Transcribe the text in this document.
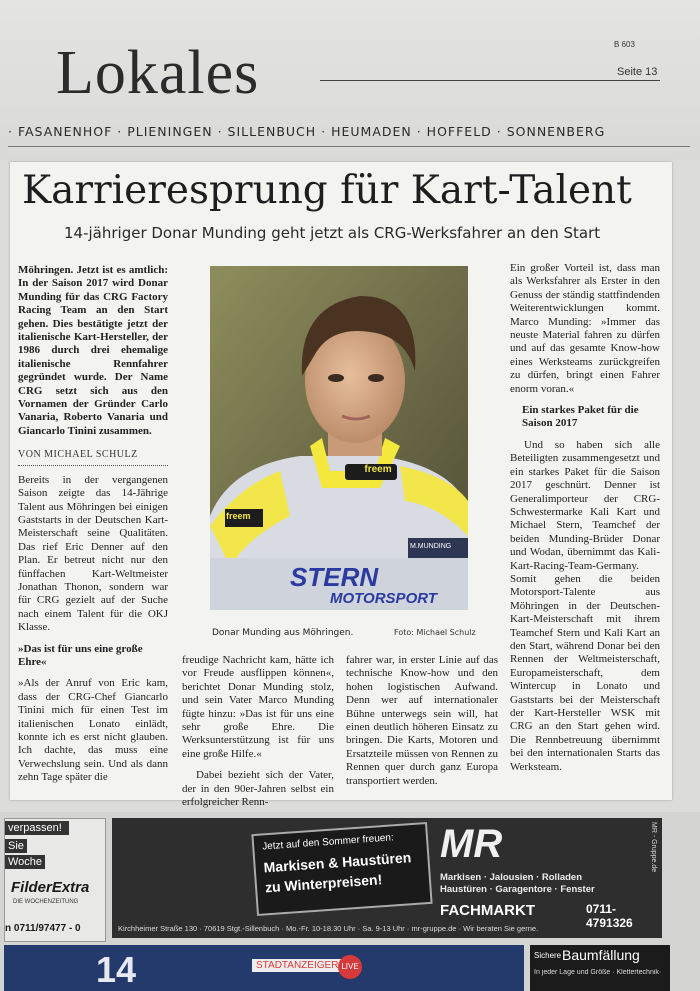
Lokales	B 603
Seite 13
· FASANENHOF · PLIENINGEN · SILLENBUCH · HEUMADEN · HOFFELD · SONNENBERG
Karrieresprung für Kart-Talent
14-jähriger Donar Munding geht jetzt als CRG-Werksfahrer an den Start

Möhringen. Jetzt ist es amtlich: In der Saison 2017 wird Donar Munding für das CRG Factory Racing Team an den Start gehen. Dies bestätigte jetzt der italienische Kart-Hersteller, der 1986 durch drei ehemalige italienische Rennfahrer gegründet wurde. Der Name CRG setzt sich aus den Vornamen der Gründer Carlo Vanaria, Roberto Vanaria und Giancarlo Tinini zusammen.

VON MICHAEL SCHULZ

Bereits in der vergangenen Saison zeigte das 14-Jährige Talent aus Möhringen bei einigen Gaststarts in der Deutschen Kart-Meisterschaft seine Qualitäten. Das rief Eric Denner auf den Plan. Er betreut nicht nur den fünffachen Kart-Weltmeister Jonathan Thonon, sondern war für CRG gezielt auf der Suche nach einem Talent für die OKJ Klasse.

»Das ist für uns eine große Ehre«

»Als der Anruf von Eric kam, dass der CRG-Chef Giancarlo Tinini mich für einen Test im italienischen Lonato einlädt, konnte ich es erst nicht glauben. Ich dachte, das muss eine Verwechslung sein. Und als dann zehn Tage später die

freem
freem
M.MUNDING
STERN
MOTORSPORT
Donar Munding aus Möhringen.	Foto: Michael Schulz

freudige Nachricht kam, hätte ich vor Freude ausflippen können«, berichtet Donar Munding stolz, und sein Vater Marco Munding fügte hinzu: »Das ist für uns eine sehr große Ehre. Die Werksunterstützung ist für uns eine große Hilfe.«

Dabei bezieht sich der Vater, der in den 90er-Jahren selbst ein erfolgreicher Renn-

fahrer war, in erster Linie auf das technische Know-how und den hohen logistischen Aufwand. Denn wer auf internationaler Bühne unterwegs sein will, hat einen deutlich höheren Einsatz zu bringen. Die Karts, Motoren und Ersatzteile müssen von Rennen zu Rennen quer durch ganz Europa transportiert werden.

Ein großer Vorteil ist, dass man als Werksfahrer als Erster in den Genuss der ständig stattfindenden Weiterentwicklungen kommt. Marco Munding: »Immer das neuste Material fahren zu dürfen und auf das gesamte Know-how eines Werksteams zurückgreifen zu dürfen, bringt einen Fahrer enorm voran.«

Ein starkes Paket für die Saison 2017

Und so haben sich alle Beteiligten zusammengesetzt und ein starkes Paket für die Saison 2017 geschnürt. Denner ist Generalimporteur der CRG-Schwestermarke Kali Kart und Michael Stern, Teamchef der beiden Munding-Brüder Donar und Wodan, übernimmt das Kali-Kart-Racing-Team-Germany. Somit gehen die beiden Motorsport-Talente aus Möhringen in der Deutschen-Kart-Meisterschaft mit ihrem Teamchef Stern und Kali Kart an den Start, während Donar bei den Rennen der Weltmeisterschaft, Europameisterschaft, dem Wintercup in Lonato und Gaststarts bei der Meisterschaft der Kart-Hersteller WSK mit CRG an den Start gehen wird. Die Rennbetreuung übernimmt bei den internationalen Starts das Werksteam.

verpassen!
Sie
Woche
FilderExtra
DIE WOCHENZEITUNG
n 0711/97477 - 0
Jetzt auf den Sommer freuen:
Markisen & Haustüren
zu Winterpreisen!
MR	MR - Gruppe.de
Markisen · Jalousien · Rolladen
Haustüren · Garagentore · Fenster
FACHMARKT	0711-4791326
Kirchheimer Straße 130 · 70619 Stgt.-Sillenbuch · Mo.-Fr. 10-18.30 Uhr · Sa. 9-13 Uhr · mr-gruppe.de · Wir beraten Sie gerne.
14	STADTANZEIGER LIVE
Sichere Baumfällung
In jeder Lage und Größe · Klettertechnik·
